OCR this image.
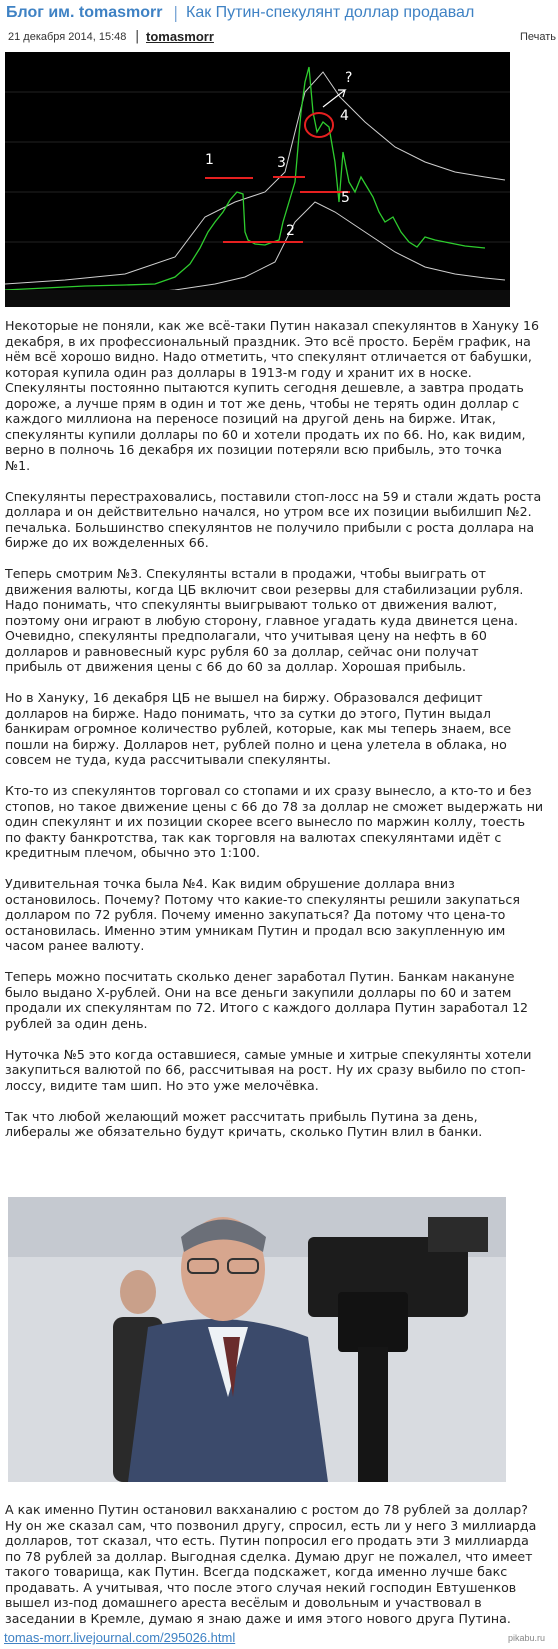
Блог им. tomasmorr | Как Путин-спекулянт доллар продавал
21 декабря 2014, 15:48 | tomasmorr	Печать
1
2
3
4
5
?

Некоторые не поняли, как же всё-таки Путин наказал спекулянтов в Хануку 16
декабря, в их профессиональный праздник. Это всё просто. Берём график, на
нём всё хорошо видно. Надо отметить, что спекулянт отличается от бабушки,
которая купила один раз доллары в 1913-м году и хранит их в носке.
Спекулянты постоянно пытаются купить сегодня дешевле, а завтра продать
дороже, а лучше прям в один и тот же день, чтобы не терять один доллар с
каждого миллиона на переносе позиций на другой день на бирже. Итак,
спекулянты купили доллары по 60 и хотели продать их по 66. Но, как видим,
верно в полночь 16 декабря их позиции потеряли всю прибыль, это точка
№1.

Спекулянты перестраховались, поставили стоп-лосс на 59 и стали ждать роста
доллара и он действительно начался, но утром все их позиции выбилшип №2.
печалька. Большинство спекулянтов не получило прибыли с роста доллара на
бирже до их вожделенных 66.

Теперь смотрим №3. Спекулянты встали в продажи, чтобы выиграть от
движения валюты, когда ЦБ включит свои резервы для стабилизации рубля.
Надо понимать, что спекулянты выигрывают только от движения валют,
поэтому они играют в любую сторону, главное угадать куда двинется цена.
Очевидно, спекулянты предполагали, что учитывая цену на нефть в 60
долларов и равновесный курс рубля 60 за доллар, сейчас они получат
прибыль от движения цены с 66 до 60 за доллар. Хорошая прибыль.

Но в Хануку, 16 декабря ЦБ не вышел на биржу. Образовался дефицит
долларов на бирже. Надо понимать, что за сутки до этого, Путин выдал
банкирам огромное количество рублей, которые, как мы теперь знаем, все
пошли на биржу. Долларов нет, рублей полно и цена улетела в облака, но
совсем не туда, куда рассчитывали спекулянты.

Кто-то из спекулянтов торговал со стопами и их сразу вынесло, а кто-то и без
стопов, но такое движение цены с 66 до 78 за доллар не сможет выдержать ни
один спекулянт и их позиции скорее всего вынесло по маржин коллу, тоесть
по факту банкротства, так как торговля на валютах спекулянтами идёт с
кредитным плечом, обычно это 1:100.

Удивительная точка была №4. Как видим обрушение доллара вниз
остановилось. Почему? Потому что какие-то спекулянты решили закупаться
долларом по 72 рубля. Почему именно закупаться? Да потому что цена-то
остановилась. Именно этим умникам Путин и продал всю закупленную им
часом ранее валюту.

Теперь можно посчитать сколько денег заработал Путин. Банкам накануне
было выдано Х-рублей. Они на все деньги закупили доллары по 60 и затем
продали их спекулянтам по 72. Итого с каждого доллара Путин заработал 12
рублей за один день.

Нуточка №5 это когда оставшиеся, самые умные и хитрые спекулянты хотели
закупиться валютой по 66, рассчитывая на рост. Ну их сразу выбило по стоп-
лоссу, видите там шип. Но это уже мелочёвка.

Так что любой желающий может рассчитать прибыль Путина за день,
либералы же обязательно будут кричать, сколько Путин влил в банки.

А как именно Путин остановил вакханалию с ростом до 78 рублей за доллар?
Ну он же сказал сам, что позвонил другу, спросил, есть ли у него 3 миллиарда
долларов, тот сказал, что есть. Путин попросил его продать эти 3 миллиарда
по 78 рублей за доллар. Выгодная сделка. Думаю друг не пожалел, что имеет
такого товарища, как Путин. Всегда подскажет, когда именно лучше бакс
продавать. А учитывая, что после этого случая некий господин Евтушенков
вышел из-под домашнего ареста весёлым и довольным и участвовал в
заседании в Кремле, думаю я знаю даже и имя этого нового друга Путина.

tomas-morr.livejournal.com/295026.html	pikabu.ru
